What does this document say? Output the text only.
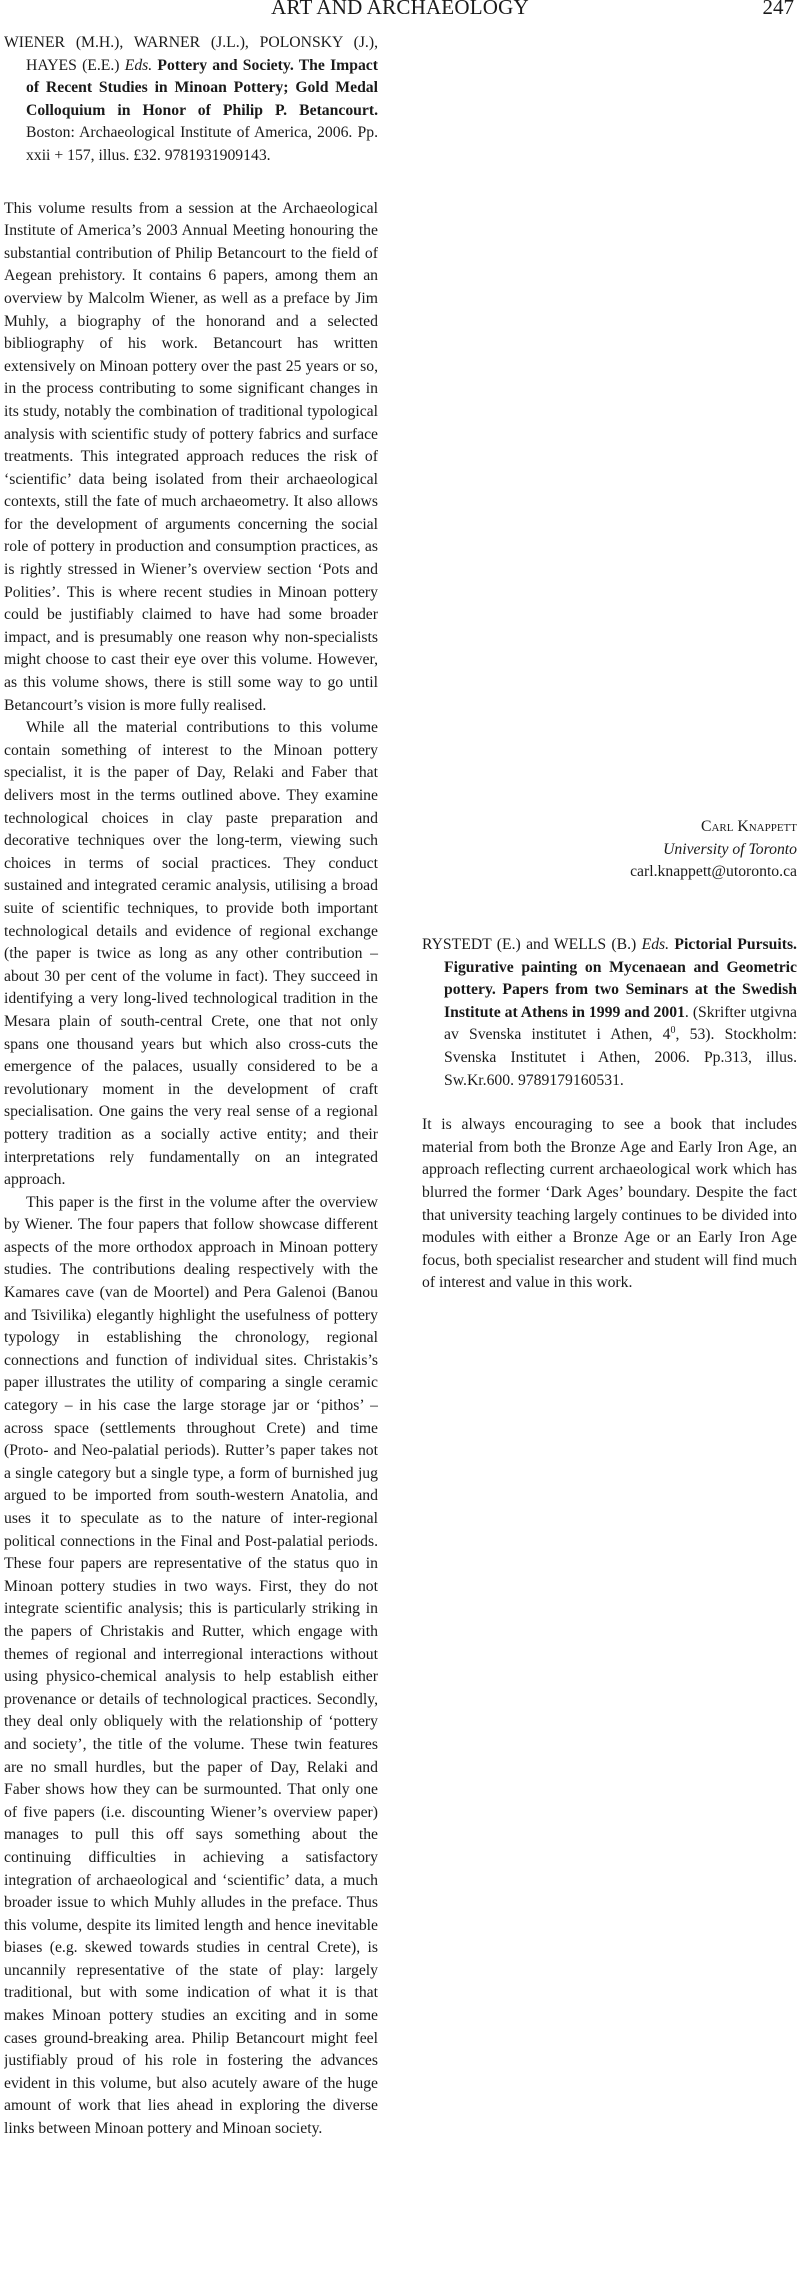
ART AND ARCHAEOLOGY	247

WIENER (M.H.), WARNER (J.L.), POLONSKY (J.), HAYES (E.E.) Eds. Pottery and Society. The Impact of Recent Studies in Minoan Pottery; Gold Medal Colloquium in Honor of Philip P. Betancourt. Boston: Archaeological Institute of America, 2006. Pp. xxii + 157, illus. £32. 9781931909143.

This volume results from a session at the Archaeological Institute of America’s 2003 Annual Meeting honouring the substantial contribution of Philip Betancourt to the field of Aegean prehistory. It contains 6 papers, among them an overview by Malcolm Wiener, as well as a preface by Jim Muhly, a biography of the honorand and a selected bibliography of his work. Betancourt has written extensively on Minoan pottery over the past 25 years or so, in the process contributing to some significant changes in its study, notably the combination of traditional typological analysis with scientific study of pottery fabrics and surface treatments. This integrated approach reduces the risk of ‘scientific’ data being isolated from their archaeological contexts, still the fate of much archaeometry. It also allows for the development of arguments concerning the social role of pottery in production and consumption practices, as is rightly stressed in Wiener’s overview section ‘Pots and Polities’. This is where recent studies in Minoan pottery could be justifiably claimed to have had some broader impact, and is presumably one reason why non-specialists might choose to cast their eye over this volume. However, as this volume shows, there is still some way to go until Betancourt’s vision is more fully realised.

While all the material contributions to this volume contain something of interest to the Minoan pottery specialist, it is the paper of Day, Relaki and Faber that delivers most in the terms outlined above. They examine technological choices in clay paste preparation and decorative techniques over the long-term, viewing such choices in terms of social practices. They conduct sustained and integrated ceramic analysis, utilising a broad suite of scientific techniques, to provide both important technological details and evidence of regional exchange (the paper is twice as long as any other contribution – about 30 per cent of the volume in fact). They succeed in identifying a very long-lived technological tradition in the Mesara plain of south-central Crete, one that not only spans one thousand years but which also cross-cuts the emergence of the palaces, usually considered to be a revolutionary moment in the development of craft specialisation. One gains the very real sense of a regional pottery tradition as a socially active entity; and their interpretations rely fundamentally on an integrated approach.

This paper is the first in the volume after the overview by Wiener. The four papers that follow showcase different aspects of the more orthodox approach in Minoan pottery studies. The contributions dealing respectively with the Kamares cave (van de Moortel) and Pera Galenoi (Banou and Tsivilika) elegantly highlight the usefulness of pottery typology in establishing the chronology, regional connections and function of individual sites. Christakis’s paper illustrates the utility of comparing a single ceramic category – in his case the large storage jar or ‘pithos’ – across space (settlements throughout Crete) and time (Proto- and Neo-palatial periods). Rutter’s paper takes not a single category but a single type, a form of burnished jug argued to be imported from south-western Anatolia, and uses it to speculate as to the nature of inter-regional political connections in the Final and Post-palatial periods. These four papers are representative of the status quo in Minoan pottery studies in two ways. First, they do not integrate scientific analysis; this is particularly striking in the papers of Christakis and Rutter, which engage with themes of regional and interregional interactions without using physico-chemical analysis to help establish either provenance or details of technological practices. Secondly, they deal only obliquely with the relationship of ‘pottery and society’, the title of the volume. These twin features are no small hurdles, but the paper of Day, Relaki and Faber shows how they can be surmounted. That only one of five papers (i.e. discounting Wiener’s overview paper) manages to pull this off says something about the continuing difficulties in achieving a satisfactory integration of archaeological and ‘scientific’ data, a much broader issue to which Muhly alludes in the preface. Thus this volume, despite its limited length and hence inevitable biases (e.g. skewed towards studies in central Crete), is uncannily representative of the state of play: largely traditional, but with some indication of what it is that makes Minoan pottery studies an exciting and in some cases ground-breaking area. Philip Betancourt might feel justifiably proud of his role in fostering the advances evident in this volume, but also acutely aware of the huge amount of work that lies ahead in exploring the diverse links between Minoan pottery and Minoan society.

RYSTEDT (E.) and WELLS (B.) Eds. Pictorial Pursuits. Figurative painting on Mycenaean and Geometric pottery. Papers from two Seminars at the Swedish Institute at Athens in 1999 and 2001. (Skrifter utgivna av Svenska institutet i Athen, $4^0$, 53). Stockholm: Svenska Institutet i Athen, 2006. Pp.313, illus. Sw.Kr.600. 9789179160531.

It is always encouraging to see a book that includes material from both the Bronze Age and Early Iron Age, an approach reflecting current archaeological work which has blurred the former ‘Dark Ages’ boundary. Despite the fact that university teaching largely continues to be divided into modules with either a Bronze Age or an Early Iron Age focus, both specialist researcher and student will find much of interest and value in this work.

Carl Knappett
University of Toronto
carl.knappett@utoronto.ca
